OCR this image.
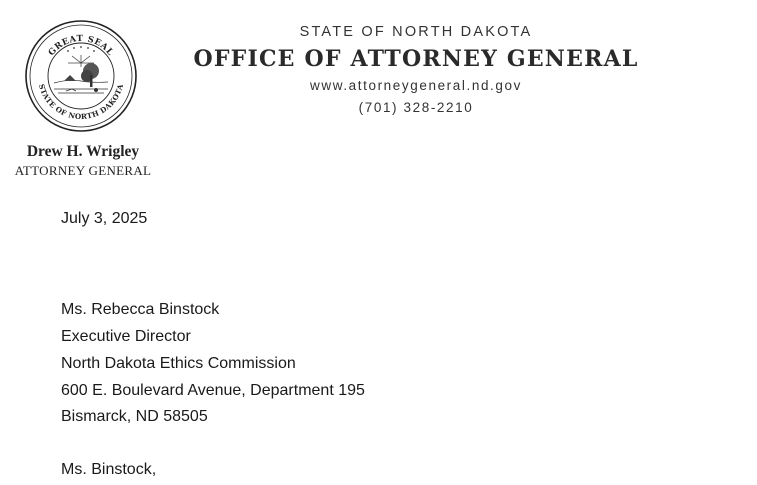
GREAT SEAL
STATE OF NORTH DAKOTA
STATE OF NORTH DAKOTA
OFFICE OF ATTORNEY GENERAL
www.attorneygeneral.nd.gov
(701) 328-2210
Drew H. Wrigley
ATTORNEY GENERAL
July 3, 2025
Ms. Rebecca Binstock
Executive Director
North Dakota Ethics Commission
600 E. Boulevard Avenue, Department 195
Bismarck, ND 58505
Ms. Binstock,
